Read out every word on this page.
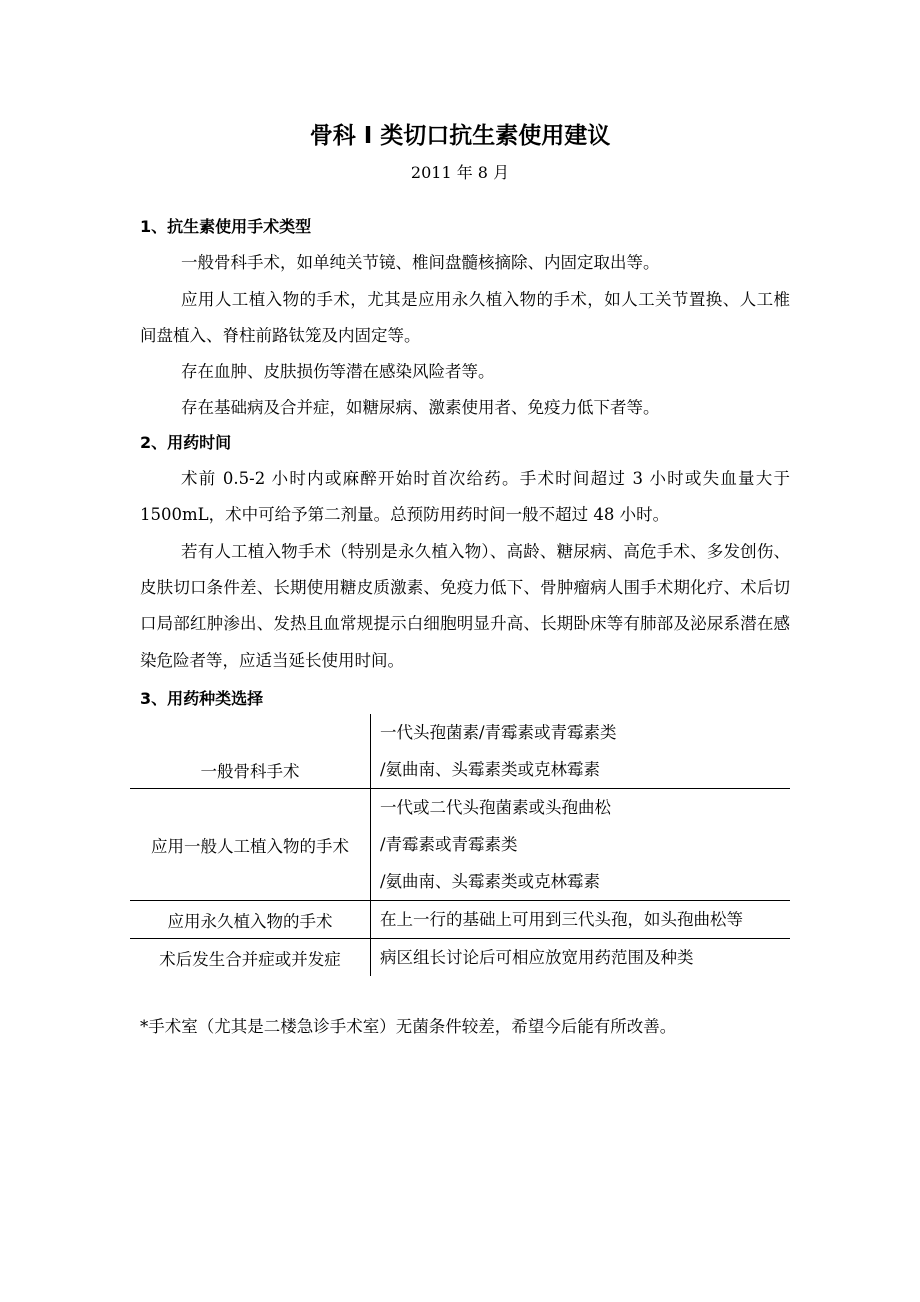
骨科 I 类切口抗生素使用建议
2011 年 8 月
1、抗生素使用手术类型
一般骨科手术，如单纯关节镜、椎间盘髓核摘除、内固定取出等。
应用人工植入物的手术，尤其是应用永久植入物的手术，如人工关节置换、人工椎间盘植入、脊柱前路钛笼及内固定等。
存在血肿、皮肤损伤等潜在感染风险者等。
存在基础病及合并症，如糖尿病、激素使用者、免疫力低下者等。
2、用药时间
术前 0.5-2 小时内或麻醉开始时首次给药。手术时间超过 3 小时或失血量大于 1500mL，术中可给予第二剂量。总预防用药时间一般不超过 48 小时。
若有人工植入物手术（特别是永久植入物）、高龄、糖尿病、高危手术、多发创伤、皮肤切口条件差、长期使用糖皮质激素、免疫力低下、骨肿瘤病人围手术期化疗、术后切口局部红肿渗出、发热且血常规提示白细胞明显升高、长期卧床等有肺部及泌尿系潜在感染危险者等，应适当延长使用时间。
3、用药种类选择
一般骨科手术	一代头孢菌素/青霉素或青霉素类
/氨曲南、头霉素类或克林霉素

应用一般人工植入物的手术	一代或二代头孢菌素或头孢曲松
/青霉素或青霉素类
/氨曲南、头霉素类或克林霉素

应用永久植入物的手术	在上一行的基础上可用到三代头孢，如头孢曲松等

术后发生合并症或并发症	病区组长讨论后可相应放宽用药范围及种类
*手术室（尤其是二楼急诊手术室）无菌条件较差，希望今后能有所改善。
